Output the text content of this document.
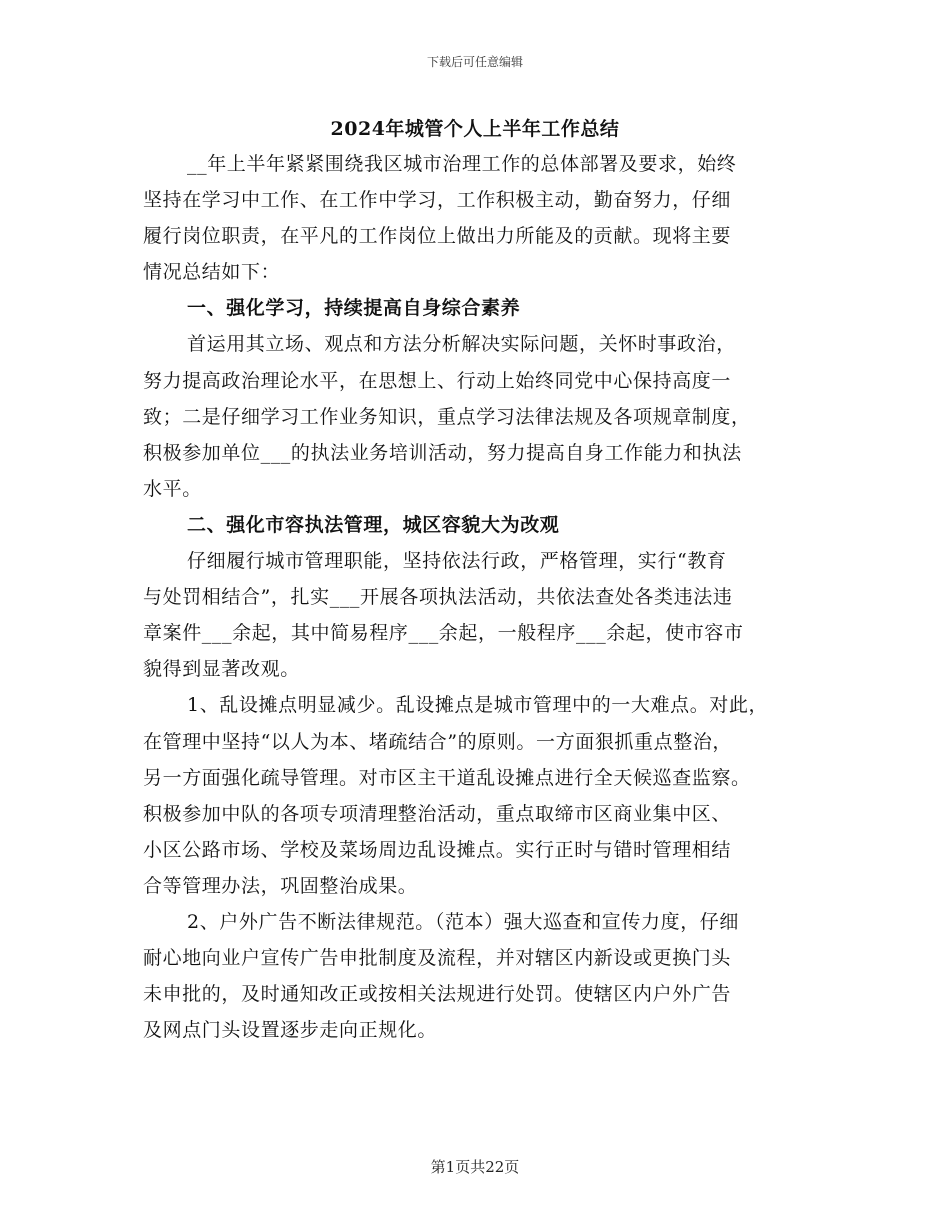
下载后可任意编辑
2024年城管个人上半年工作总结
__年上半年紧紧围绕我区城市治理工作的总体部署及要求，始终
坚持在学习中工作、在工作中学习，工作积极主动，勤奋努力，仔细
履行岗位职责，在平凡的工作岗位上做出力所能及的贡献。现将主要
情况总结如下：
一、强化学习，持续提高自身综合素养
首运用其立场、观点和方法分析解决实际问题，关怀时事政治，
努力提高政治理论水平，在思想上、行动上始终同党中心保持高度一
致；二是仔细学习工作业务知识，重点学习法律法规及各项规章制度，
积极参加单位___的执法业务培训活动，努力提高自身工作能力和执法
水平。
二、强化市容执法管理，城区容貌大为改观
仔细履行城市管理职能，坚持依法行政，严格管理，实行“教育
与处罚相结合”，扎实___开展各项执法活动，共依法查处各类违法违
章案件___余起，其中简易程序___余起，一般程序___余起，使市容市
貌得到显著改观。
1、乱设摊点明显减少。乱设摊点是城市管理中的一大难点。对此，
在管理中坚持“以人为本、堵疏结合”的原则。一方面狠抓重点整治，
另一方面强化疏导管理。对市区主干道乱设摊点进行全天候巡查监察。
积极参加中队的各项专项清理整治活动，重点取缔市区商业集中区、
小区公路市场、学校及菜场周边乱设摊点。实行正时与错时管理相结
合等管理办法，巩固整治成果。
2、户外广告不断法律规范。（范本）强大巡查和宣传力度，仔细
耐心地向业户宣传广告申批制度及流程，并对辖区内新设或更换门头
未申批的，及时通知改正或按相关法规进行处罚。使辖区内户外广告
及网点门头设置逐步走向正规化。
第1页共22页
